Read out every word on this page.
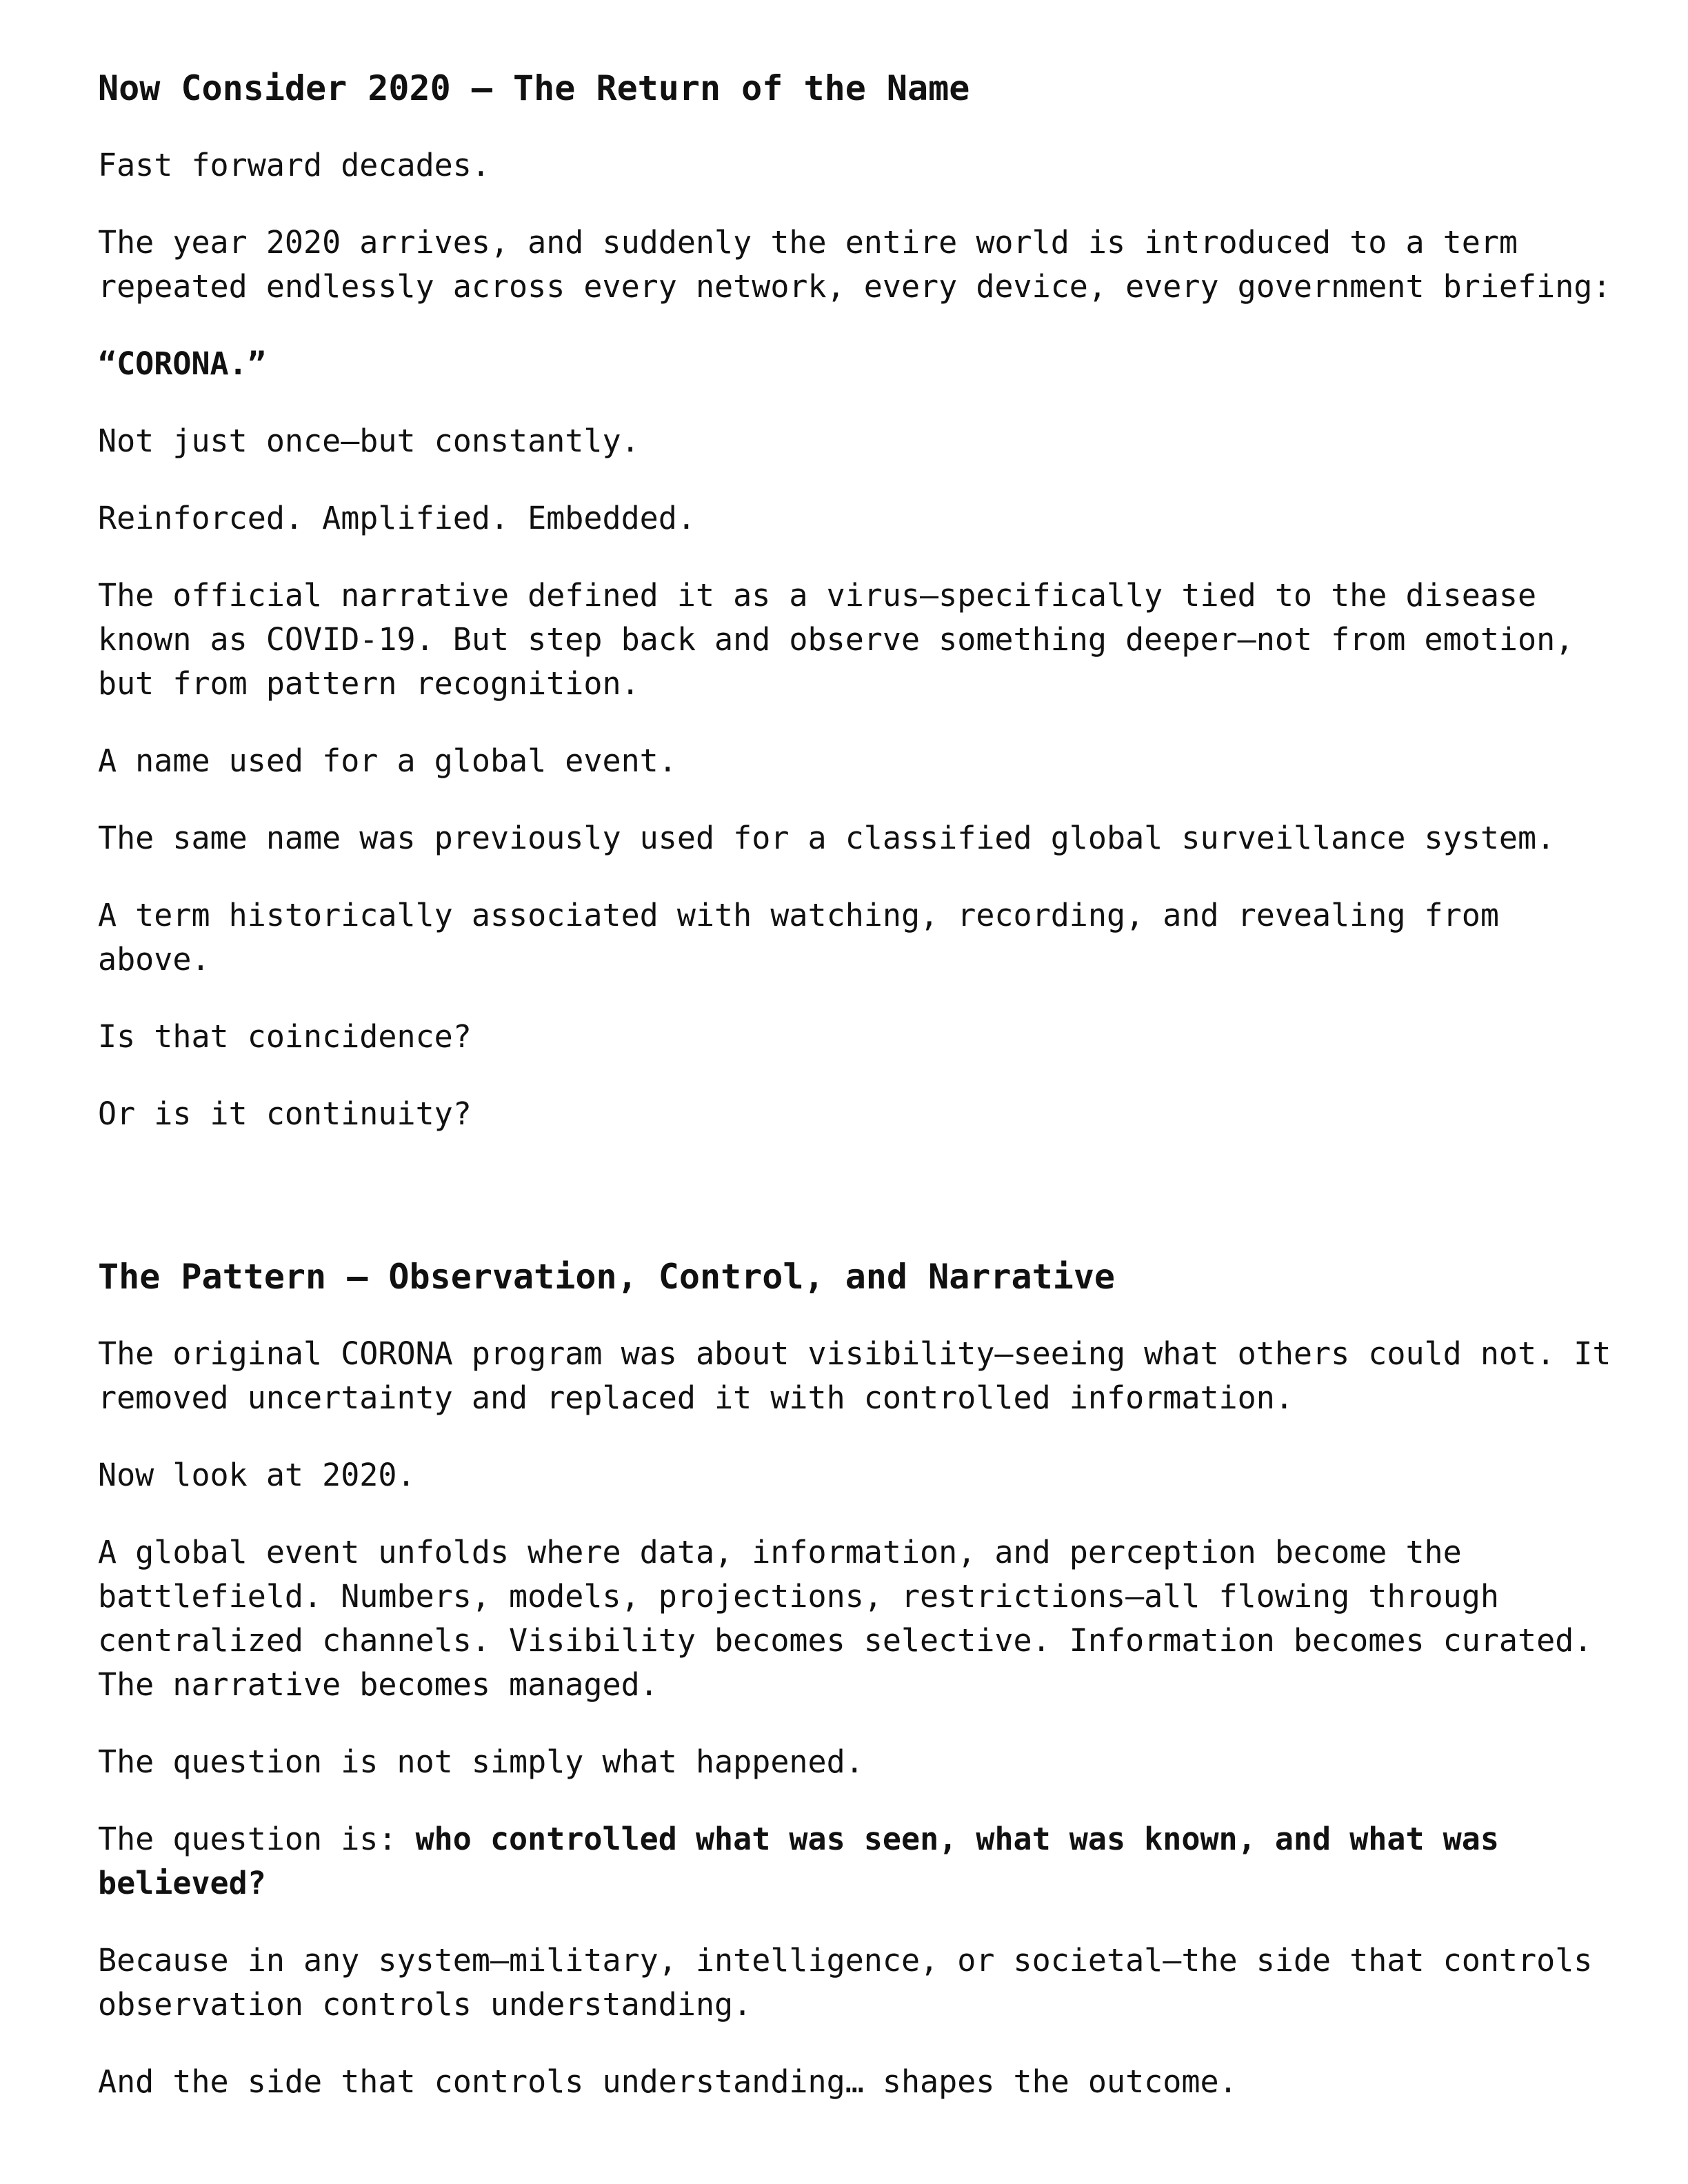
Now Consider 2020 — The Return of the Name

Fast forward decades.

The year 2020 arrives, and suddenly the entire world is introduced to a term
repeated endlessly across every network, every device, every government briefing:

“CORONA.”

Not just once—but constantly.

Reinforced. Amplified. Embedded.

The official narrative defined it as a virus—specifically tied to the disease
known as COVID-19. But step back and observe something deeper—not from emotion,
but from pattern recognition.

A name used for a global event.

The same name was previously used for a classified global surveillance system.

A term historically associated with watching, recording, and revealing from
above.

Is that coincidence?

Or is it continuity?

The Pattern — Observation, Control, and Narrative

The original CORONA program was about visibility—seeing what others could not. It
removed uncertainty and replaced it with controlled information.

Now look at 2020.

A global event unfolds where data, information, and perception become the
battlefield. Numbers, models, projections, restrictions—all flowing through
centralized channels. Visibility becomes selective. Information becomes curated.
The narrative becomes managed.

The question is not simply what happened.

The question is: who controlled what was seen, what was known, and what was
believed?

Because in any system—military, intelligence, or societal—the side that controls
observation controls understanding.

And the side that controls understanding… shapes the outcome.
